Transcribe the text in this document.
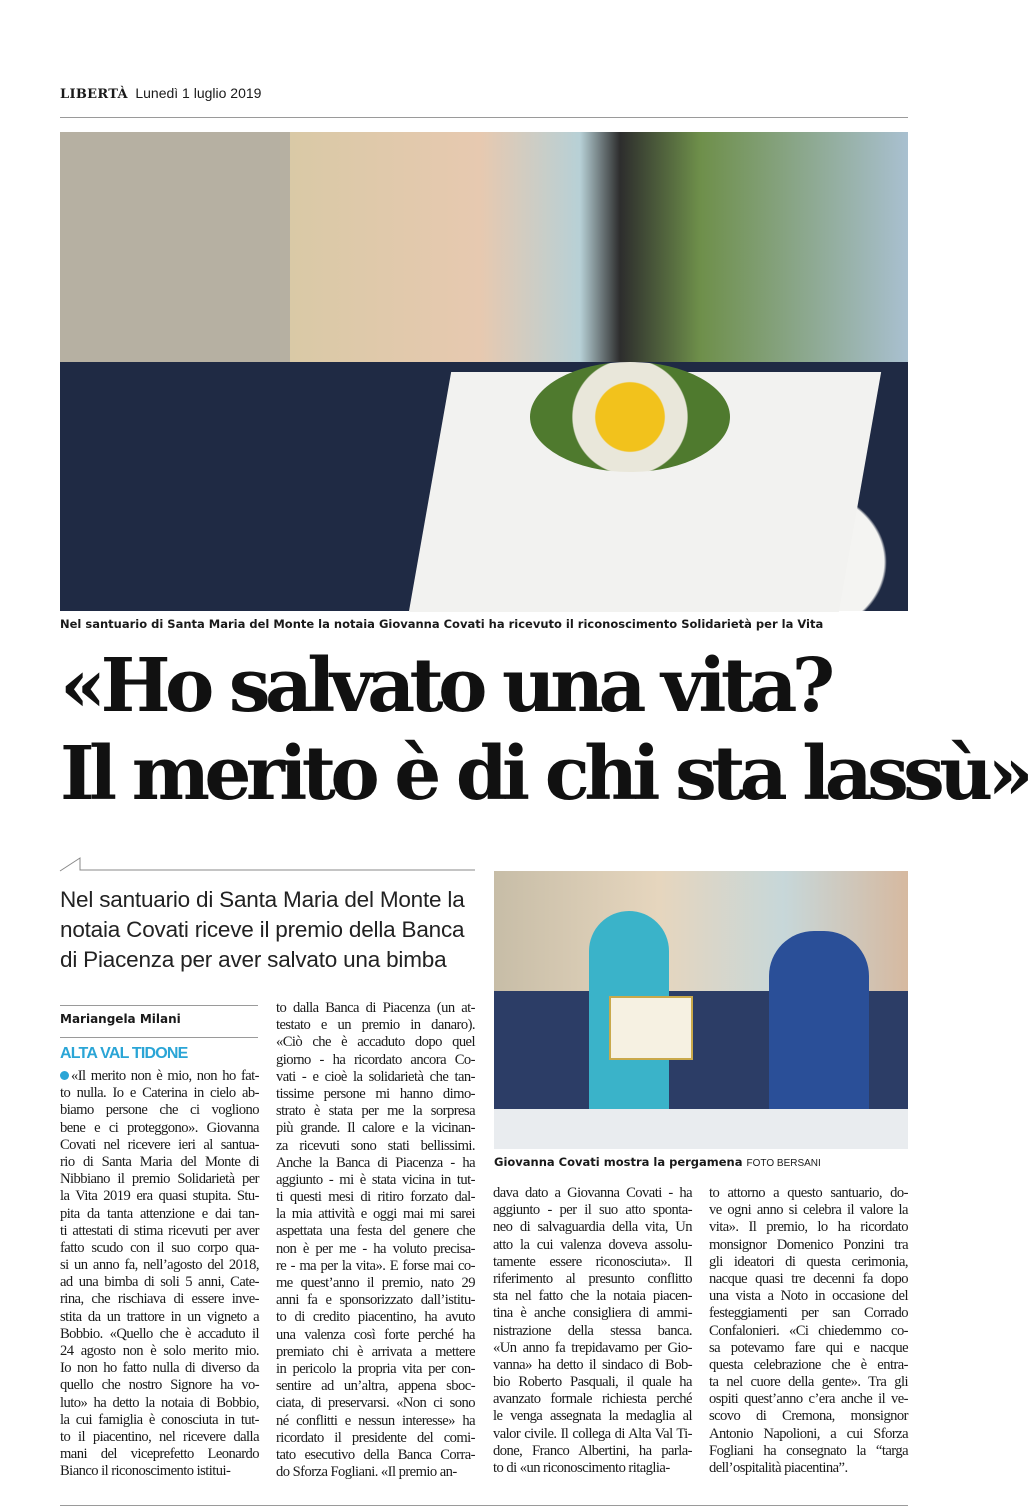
LIBERTÀ Lunedì 1 luglio 2019
Nel santuario di Santa Maria del Monte la notaia Giovanna Covati ha ricevuto il riconoscimento Solidarietà per la Vita
«Ho salvato una vita?
Il merito è di chi sta lassù»
Nel santuario di Santa Maria del Monte la notaia Covati riceve il premio della Banca di Piacenza per aver salvato una bimba
Giovanna Covati mostra la pergamena FOTO BERSANI
Mariangela Milani
ALTA VAL TIDONE
«Il merito non è mio, non ho fat-
to nulla. Io e Caterina in cielo ab-
biamo persone che ci vogliono
bene e ci proteggono». Giovanna
Covati nel ricevere ieri al santua-
rio di Santa Maria del Monte di
Nibbiano il premio Solidarietà per
la Vita 2019 era quasi stupita. Stu-
pita da tanta attenzione e dai tan-
ti attestati di stima ricevuti per aver
fatto scudo con il suo corpo qua-
si un anno fa, nell’agosto del 2018,
ad una bimba di soli 5 anni, Cate-
rina, che rischiava di essere inve-
stita da un trattore in un vigneto a
Bobbio. «Quello che è accaduto il
24 agosto non è solo merito mio.
Io non ho fatto nulla di diverso da
quello che nostro Signore ha vo-
luto» ha detto la notaia di Bobbio,
la cui famiglia è conosciuta in tut-
to il piacentino, nel ricevere dalla
mani del viceprefetto Leonardo
Bianco il riconoscimento istitui-
to dalla Banca di Piacenza (un at-
testato e un premio in danaro).
«Ciò che è accaduto dopo quel
giorno - ha ricordato ancora Co-
vati - e cioè la solidarietà che tan-
tissime persone mi hanno dimo-
strato è stata per me la sorpresa
più grande. Il calore e la vicinan-
za ricevuti sono stati bellissimi.
Anche la Banca di Piacenza - ha
aggiunto - mi è stata vicina in tut-
ti questi mesi di ritiro forzato dal-
la mia attività e oggi mai mi sarei
aspettata una festa del genere che
non è per me - ha voluto precisa-
re - ma per la vita». E forse mai co-
me quest’anno il premio, nato 29
anni fa e sponsorizzato dall’istitu-
to di credito piacentino, ha avuto
una valenza così forte perché ha
premiato chi è arrivata a mettere
in pericolo la propria vita per con-
sentire ad un’altra, appena sboc-
ciata, di preservarsi. «Non ci sono
né conflitti e nessun interesse» ha
ricordato il presidente del comi-
tato esecutivo della Banca Corra-
do Sforza Fogliani. «Il premio an-
dava dato a Giovanna Covati - ha
aggiunto - per il suo atto sponta-
neo di salvaguardia della vita, Un
atto la cui valenza doveva assolu-
tamente essere riconosciuta». Il
riferimento al presunto conflitto
sta nel fatto che la notaia piacen-
tina è anche consigliera di ammi-
nistrazione della stessa banca.
«Un anno fa trepidavamo per Gio-
vanna» ha detto il sindaco di Bob-
bio Roberto Pasquali, il quale ha
avanzato formale richiesta perché
le venga assegnata la medaglia al
valor civile. Il collega di Alta Val Ti-
done, Franco Albertini, ha parla-
to di «un riconoscimento ritaglia-
to attorno a questo santuario, do-
ve ogni anno si celebra il valore la
vita». Il premio, lo ha ricordato
monsignor Domenico Ponzini tra
gli ideatori di questa cerimonia,
nacque quasi tre decenni fa dopo
una vista a Noto in occasione del
festeggiamenti per san Corrado
Confalonieri. «Ci chiedemmo co-
sa potevamo fare qui e nacque
questa celebrazione che è entra-
ta nel cuore della gente». Tra gli
ospiti quest’anno c’era anche il ve-
scovo di Cremona, monsignor
Antonio Napolioni, a cui Sforza
Fogliani ha consegnato la “targa
dell’ospitalità piacentina”.
